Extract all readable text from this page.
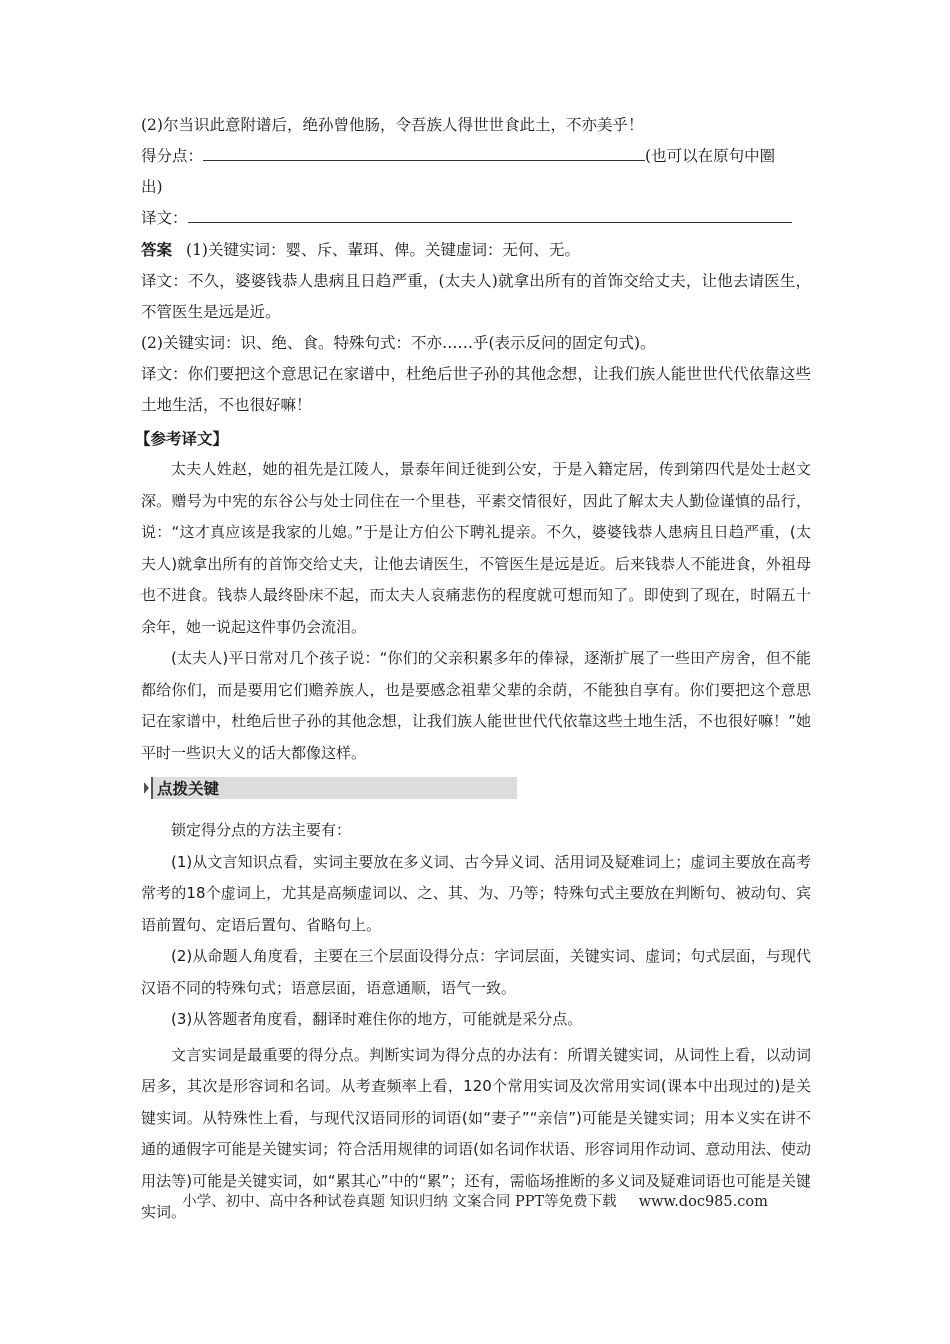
(2)尔当识此意附谱后，绝孙曾他肠，令吾族人得世世食此土，不亦美乎！

得分点：	(也可以在原句中圈

出)

译文：

答案 (1)关键实词：婴、斥、輩珥、俾。关键虚词：无何、无。

译文：不久，婆婆钱恭人患病且日趋严重，(太夫人)就拿出所有的首饰交给丈夫，让他去请医生，不管医生是远是近。

(2)关键实词：识、绝、食。特殊句式：不亦……乎(表示反问的固定句式)。

译文：你们要把这个意思记在家谱中，杜绝后世子孙的其他念想，让我们族人能世世代代依靠这些土地生活，不也很好嘛！

【参考译文】

太夫人姓赵，她的祖先是江陵人，景泰年间迁徙到公安，于是入籍定居，传到第四代是处士赵文深。赠号为中宪的东谷公与处士同住在一个里巷，平素交情很好，因此了解太夫人勤俭谨慎的品行，说：“这才真应该是我家的儿媳。”于是让方伯公下聘礼提亲。不久，婆婆钱恭人患病且日趋严重，(太夫人)就拿出所有的首饰交给丈夫，让他去请医生，不管医生是远是近。后来钱恭人不能进食，外祖母也不进食。钱恭人最终卧床不起，而太夫人哀痛悲伤的程度就可想而知了。即使到了现在，时隔五十余年，她一说起这件事仍会流泪。

(太夫人)平日常对几个孩子说：“你们的父亲积累多年的俸禄，逐渐扩展了一些田产房舍，但不能都给你们，而是要用它们赡养族人，也是要感念祖辈父辈的余荫，不能独自享有。你们要把这个意思记在家谱中，杜绝后世子孙的其他念想，让我们族人能世世代代依靠这些土地生活，不也很好嘛！”她平时一些识大义的话大都像这样。

点拨关键

锁定得分点的方法主要有：

(1)从文言知识点看，实词主要放在多义词、古今异义词、活用词及疑难词上；虚词主要放在高考常考的18个虚词上，尤其是高频虚词以、之、其、为、乃等；特殊句式主要放在判断句、被动句、宾语前置句、定语后置句、省略句上。

(2)从命题人角度看，主要在三个层面设得分点：字词层面，关键实词、虚词；句式层面，与现代汉语不同的特殊句式；语意层面，语意通顺，语气一致。

(3)从答题者角度看，翻译时难住你的地方，可能就是采分点。

文言实词是最重要的得分点。判断实词为得分点的办法有：所谓关键实词，从词性上看，以动词居多，其次是形容词和名词。从考查频率上看，120个常用实词及次常用实词(课本中出现过的)是关键实词。从特殊性上看，与现代汉语同形的词语(如“妻子”“亲信”)可能是关键实词；用本义实在讲不通的通假字可能是关键实词；符合活用规律的词语(如名词作状语、形容词用作动词、意动用法、使动用法等)可能是关键实词，如“累其心”中的“累”；还有，需临场推断的多义词及疑难词语也可能是关键实词。

小学、初中、高中各种试卷真题 知识归纳 文案合同 PPT等免费下载 www.doc985.com
